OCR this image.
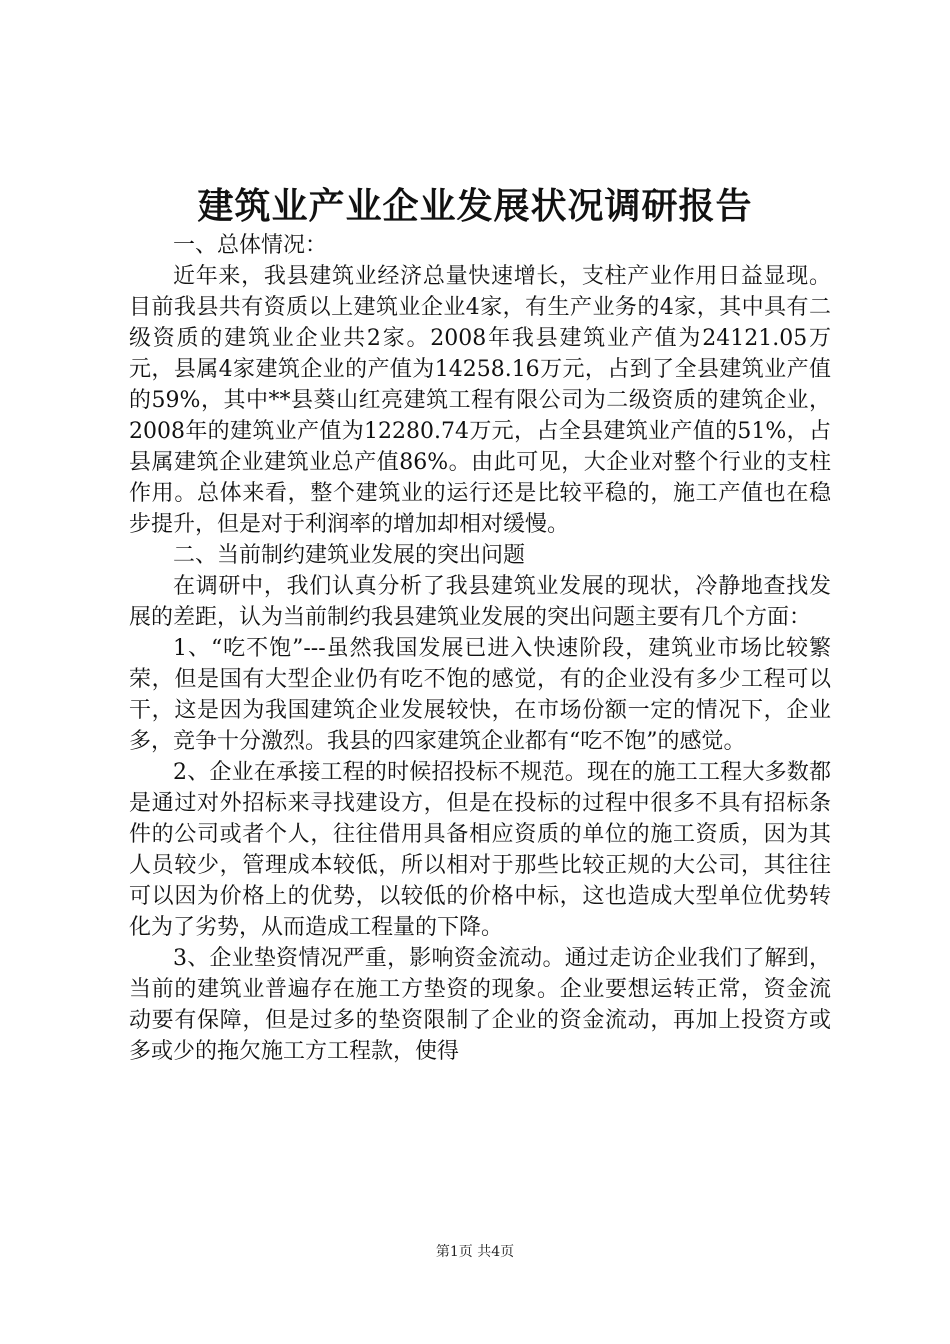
建筑业产业企业发展状况调研报告

一、总体情况：

近年来，我县建筑业经济总量快速增长，支柱产业作用日益显现。目前我县共有资质以上建筑业企业4家，有生产业务的4家，其中具有二级资质的建筑业企业共2家。2008年我县建筑业产值为24121.05万元，县属4家建筑企业的产值为14258.16万元，占到了全县建筑业产值的59%，其中**县葵山红亮建筑工程有限公司为二级资质的建筑企业，2008年的建筑业产值为12280.74万元，占全县建筑业产值的51%，占县属建筑企业建筑业总产值86%。由此可见，大企业对整个行业的支柱作用。总体来看，整个建筑业的运行还是比较平稳的，施工产值也在稳步提升，但是对于利润率的增加却相对缓慢。

二、当前制约建筑业发展的突出问题

在调研中，我们认真分析了我县建筑业发展的现状，冷静地查找发展的差距，认为当前制约我县建筑业发展的突出问题主要有几个方面：

1、“吃不饱”---虽然我国发展已进入快速阶段，建筑业市场比较繁荣，但是国有大型企业仍有吃不饱的感觉，有的企业没有多少工程可以干，这是因为我国建筑企业发展较快，在市场份额一定的情况下，企业多，竞争十分激烈。我县的四家建筑企业都有“吃不饱”的感觉。

2、企业在承接工程的时候招投标不规范。现在的施工工程大多数都是通过对外招标来寻找建设方，但是在投标的过程中很多不具有招标条件的公司或者个人，往往借用具备相应资质的单位的施工资质，因为其人员较少，管理成本较低，所以相对于那些比较正规的大公司，其往往可以因为价格上的优势，以较低的价格中标，这也造成大型单位优势转化为了劣势，从而造成工程量的下降。

3、企业垫资情况严重，影响资金流动。通过走访企业我们了解到，当前的建筑业普遍存在施工方垫资的现象。企业要想运转正常，资金流动要有保障，但是过多的垫资限制了企业的资金流动，再加上投资方或多或少的拖欠施工方工程款，使得

第1页 共4页
